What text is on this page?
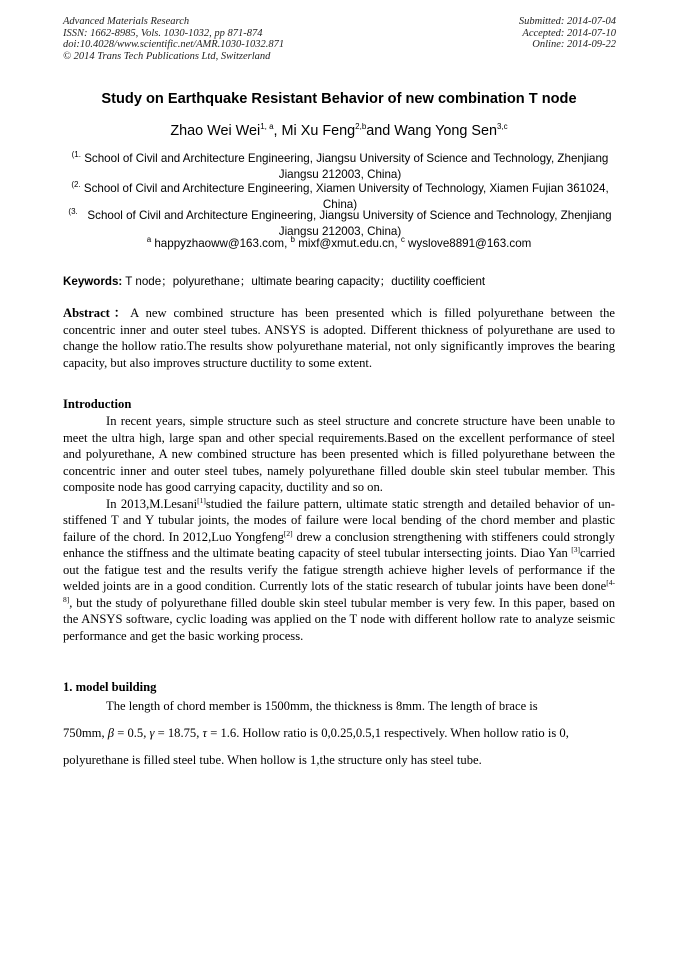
Advanced Materials Research
ISSN: 1662-8985, Vols. 1030-1032, pp 871-874
doi:10.4028/www.scientific.net/AMR.1030-1032.871
© 2014 Trans Tech Publications Ltd, Switzerland
Submitted: 2014-07-04
Accepted: 2014-07-10
Online: 2014-09-22
Study on Earthquake Resistant Behavior of new combination T node
Zhao Wei Wei$^{1, a}$, Mi Xu Feng$^{2,b}$and Wang Yong Sen$^{3,c}$
$^{(1.}$ School of Civil and Architecture Engineering, Jiangsu University of Science and Technology, Zhenjiang Jiangsu 212003, China)
$^{(2.}$ School of Civil and Architecture Engineering, Xiamen University of Technology, Xiamen Fujian 361024, China)
$^{(3.}$   School of Civil and Architecture Engineering, Jiangsu University of Science and Technology, Zhenjiang Jiangsu 212003, China)
$^a$ happyzhaoww@163.com, $^b$ mixf@xmut.edu.cn, $^c$ wyslove8891@163.com
Keywords: T node；polyurethane；ultimate bearing capacity；ductility coefficient
Abstract：A new combined structure has been presented which is filled polyurethane between the concentric inner and outer steel tubes. ANSYS is adopted. Different thickness of polyurethane are used to change the hollow ratio.The results show polyurethane material, not only significantly improves the bearing capacity, but also improves structure ductility to some extent.
Introduction

In recent years, simple structure such as steel structure and concrete structure have been unable to meet the ultra high, large span and other special requirements.Based on the excellent performance of steel and polyurethane, A new combined structure has been presented which is filled polyurethane between the concentric inner and outer steel tubes, namely polyurethane filled double skin steel tubular member. This composite node has good carrying capacity, ductility and so on.

In 2013,M.Lesani[1]studied the failure pattern, ultimate static strength and detailed behavior of un-stiffened T and Y tubular joints, the modes of failure were local bending of the chord member and plastic failure of the chord. In 2012,Luo Yongfeng[2] drew a conclusion strengthening with stiffeners could strongly enhance the stiffness and the ultimate beating capacity of steel tubular intersecting joints. Diao Yan [3]carried out the fatigue test and the results verify the fatigue strength achieve higher levels of performance if the welded joints are in a good condition. Currently lots of the static research of tubular joints have been done[4-8], but the study of polyurethane filled double skin steel tubular member is very few. In this paper, based on the ANSYS software, cyclic loading was applied on the T node with different hollow rate to analyze seismic performance and get the basic working process.

1. model building
The length of chord member is 1500mm, the thickness is 8mm. The length of brace is
750mm, β = 0.5, γ = 18.75, τ = 1.6. Hollow ratio is 0,0.25,0.5,1 respectively. When hollow ratio is 0,
polyurethane is filled steel tube. When hollow is 1,the structure only has steel tube.
